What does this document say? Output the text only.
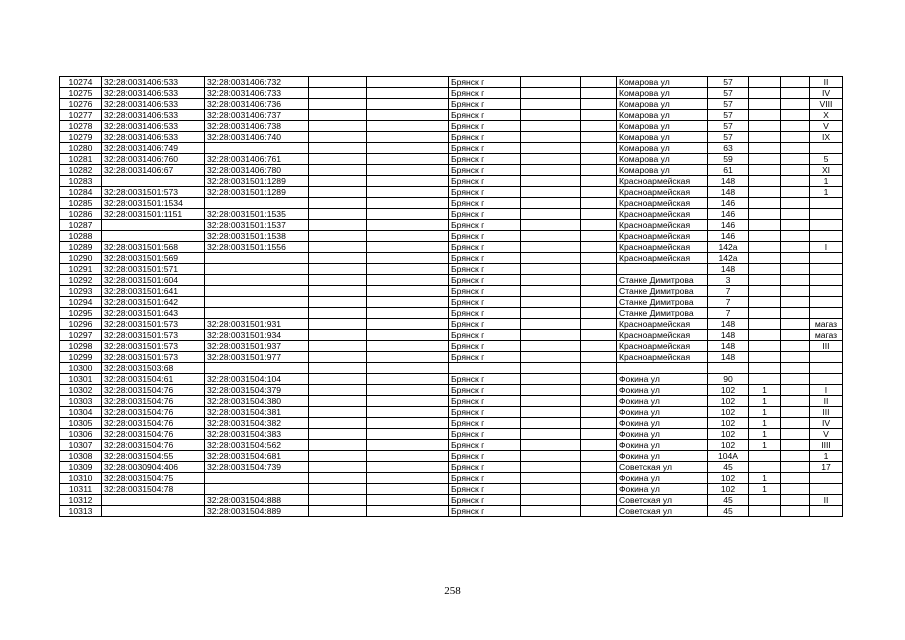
10274	32:28:0031406:533	32:28:0031406:732			Брянск г			Комарова ул	57			II
10275	32:28:0031406:533	32:28:0031406:733			Брянск г			Комарова ул	57			IV
10276	32:28:0031406:533	32:28:0031406:736			Брянск г			Комарова ул	57			VIII
10277	32:28:0031406:533	32:28:0031406:737			Брянск г			Комарова ул	57			X
10278	32:28:0031406:533	32:28:0031406:738			Брянск г			Комарова ул	57			V
10279	32:28:0031406:533	32:28:0031406:740			Брянск г			Комарова ул	57			IX
10280	32:28:0031406:749				Брянск г			Комарова ул	63			
10281	32:28:0031406:760	32:28:0031406:761			Брянск г			Комарова ул	59			5
10282	32:28:0031406:67	32:28:0031406:780			Брянск г			Комарова ул	61			XI
10283		32:28:0031501:1289			Брянск г			Красноармейская	148			1
10284	32:28:0031501:573	32:28:0031501:1289			Брянск г			Красноармейская	148			1
10285	32:28:0031501:1534				Брянск г			Красноармейская	146			
10286	32:28:0031501:1151	32:28:0031501:1535			Брянск г			Красноармейская	146			
10287		32:28:0031501:1537			Брянск г			Красноармейская	146			
10288		32:28:0031501:1538			Брянск г			Красноармейская	146			
10289	32:28:0031501:568	32:28:0031501:1556			Брянск г			Красноармейская	142а			I
10290	32:28:0031501:569				Брянск г			Красноармейская	142а			
10291	32:28:0031501:571				Брянск г				148			
10292	32:28:0031501:604				Брянск г			Станке Димитрова	3			
10293	32:28:0031501:641				Брянск г			Станке Димитрова	7			
10294	32:28:0031501:642				Брянск г			Станке Димитрова	7			
10295	32:28:0031501:643				Брянск г			Станке Димитрова	7			
10296	32:28:0031501:573	32:28:0031501:931			Брянск г			Красноармейская	148			магаз
10297	32:28:0031501:573	32:28:0031501:934			Брянск г			Красноармейская	148			магаз
10298	32:28:0031501:573	32:28:0031501:937			Брянск г			Красноармейская	148			III
10299	32:28:0031501:573	32:28:0031501:977			Брянск г			Красноармейская	148			
10300	32:28:0031503:68											
10301	32:28:0031504:61	32:28:0031504:104			Брянск г			Фокина ул	90			
10302	32:28:0031504:76	32:28:0031504:379			Брянск г			Фокина ул	102	1		I
10303	32:28:0031504:76	32:28:0031504:380			Брянск г			Фокина ул	102	1		II
10304	32:28:0031504:76	32:28:0031504:381			Брянск г			Фокина ул	102	1		III
10305	32:28:0031504:76	32:28:0031504:382			Брянск г			Фокина ул	102	1		IV
10306	32:28:0031504:76	32:28:0031504:383			Брянск г			Фокина ул	102	1		V
10307	32:28:0031504:76	32:28:0031504:562			Брянск г			Фокина ул	102	1		IIII
10308	32:28:0031504:55	32:28:0031504:681			Брянск г			Фокина ул	104А			1
10309	32:28:0030904:406	32:28:0031504:739			Брянск г			Советская ул	45			17
10310	32:28:0031504:75				Брянск г			Фокина ул	102	1		
10311	32:28:0031504:78				Брянск г			Фокина ул	102	1		
10312		32:28:0031504:888			Брянск г			Советская ул	45			II
10313		32:28:0031504:889			Брянск г			Советская ул	45			
258
